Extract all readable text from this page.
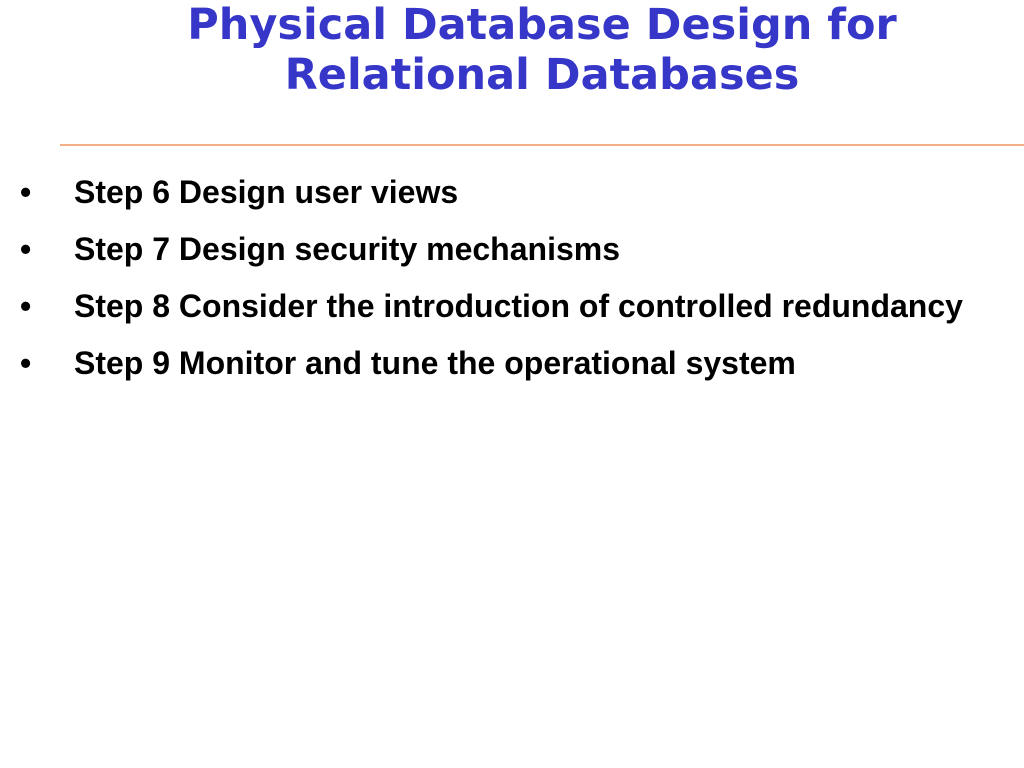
Physical Database Design for
Relational Databases
• Step 6 Design user views
• Step 7 Design security mechanisms
• Step 8 Consider the introduction of controlled redundancy
• Step 9 Monitor and tune the operational system
